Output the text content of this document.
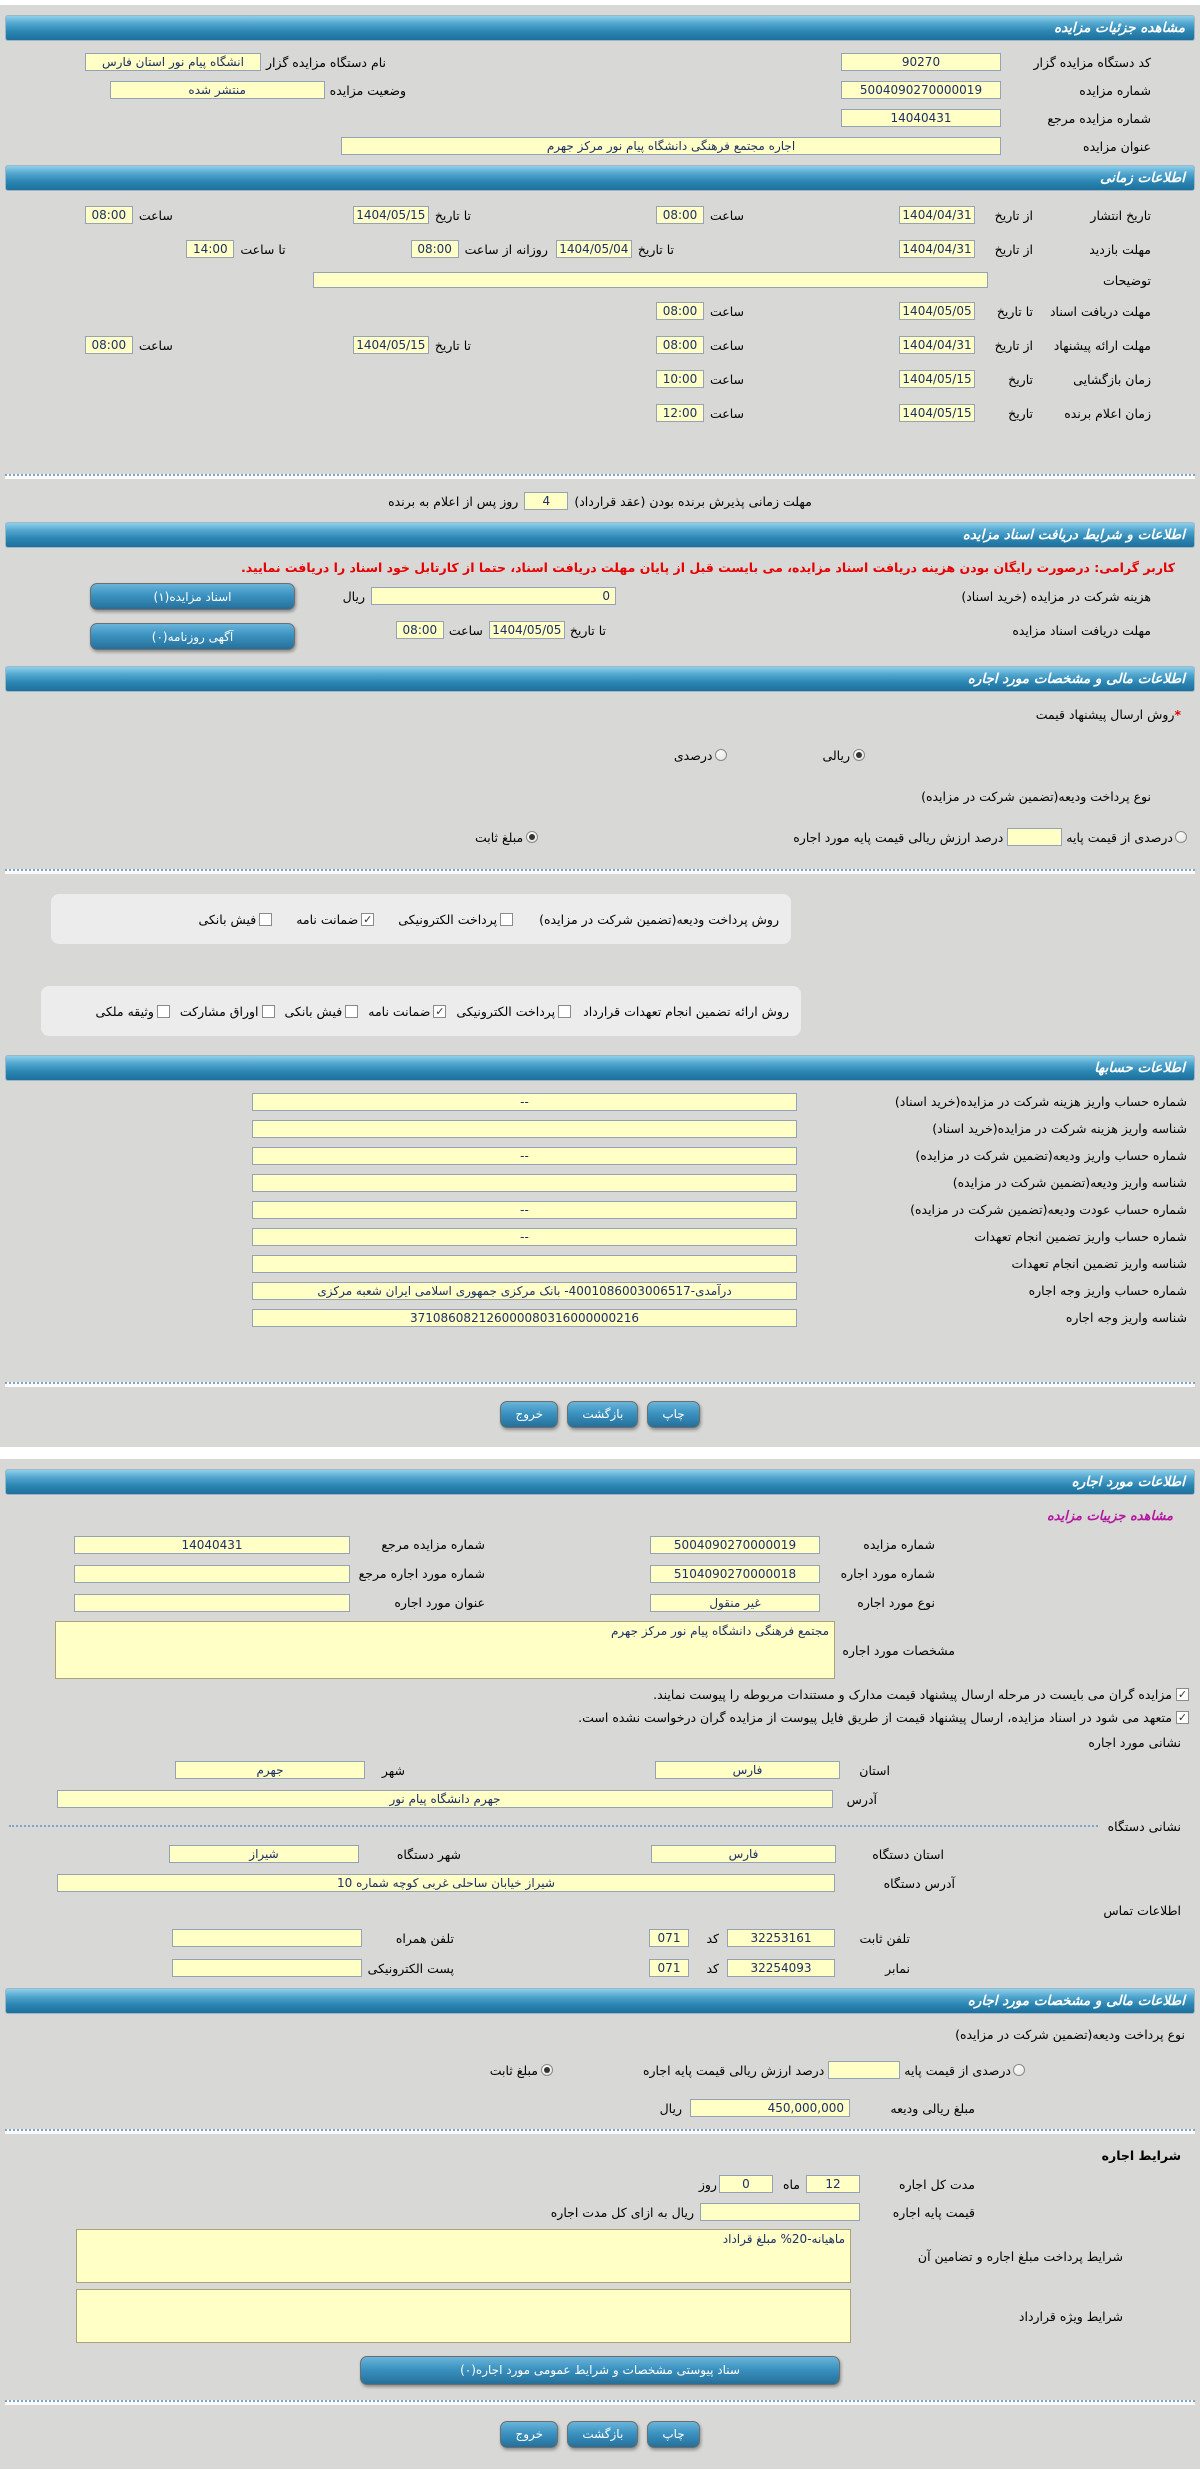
مشاهده جزئیات مزایده
کد دستگاه مزایده گزار
90270
نام دستگاه مزایده گزار
انشگاه پیام نور استان فارس
شماره مزایده
5004090270000019
وضعیت مزایده
منتشر شده
شماره مزایده مرجع
14040431
عنوان مزایده
اجاره مجتمع فرهنگی دانشگاه پیام نور مرکز جهرم
اطلاعات زمانی
تاریخ انتشار
از تاریخ
1404/04/31
ساعت
08:00
تا تاریخ
1404/05/15
ساعت
08:00
مهلت بازدید
از تاریخ
1404/04/31
تا تاریخ
1404/05/04
روزانه از ساعت
08:00
تا ساعت
14:00
توضیحات
مهلت دریافت اسناد
تا تاریخ
1404/05/05
ساعت
08:00
مهلت ارائه پیشنهاد
از تاریخ
1404/04/31
ساعت
08:00
تا تاریخ
1404/05/15
ساعت
08:00
زمان بازگشایی
تاریخ
1404/05/15
ساعت
10:00
زمان اعلام برنده
تاریخ
1404/05/15
ساعت
12:00
مهلت زمانی پذیرش برنده بودن (عقد قرارداد)
4
روز پس از اعلام به برنده
اطلاعات و شرایط دریافت اسناد مزایده
کاربر گرامی: درصورت رایگان بودن هزینه دریافت اسناد مزایده، می بایست قبل از پایان مهلت دریافت اسناد، حتما از کارتابل خود اسناد را دریافت نمایید.
هزینه شرکت در مزایده (خرید اسناد)
0
ریال
مهلت دریافت اسناد مزایده
تا تاریخ
1404/05/05
ساعت
08:00
اسناد مزایده(۱)
آگهی روزنامه(۰)
اطلاعات مالی و مشخصات مورد اجاره
*
روش ارسال پیشنهاد قیمت
ریالی
درصدی
نوع پرداخت ودیعه(تضمین شرکت در مزایده)
درصدی از قیمت پایه
درصد ارزش ریالی قیمت پایه مورد اجاره
مبلغ ثابت
روش پرداخت ودیعه(تضمین شرکت در مزایده)
پرداخت الکترونیکی
✓
ضمانت نامه
فیش بانکی
روش ارائه تضمین انجام تعهدات قرارداد
پرداخت الکترونیکی
✓
ضمانت نامه
فیش بانکی
اوراق مشارکت
وثیقه ملکی
اطلاعات حسابها
شماره حساب واریز هزینه شرکت در مزایده(خرید اسناد)
--
شناسه واریز هزینه شرکت در مزایده(خرید اسناد)
شماره حساب واریز ودیعه(تضمین شرکت در مزایده)
--
شناسه واریز ودیعه(تضمین شرکت در مزایده)
شماره حساب عودت ودیعه(تضمین شرکت در مزایده)
--
شماره حساب واریز تضمین انجام تعهدات
--
شناسه واریز تضمین انجام تعهدات
شماره حساب واریز وجه اجاره
درآمدی-4001086003006517- بانک مرکزی جمهوری اسلامی ایران شعبه مرکزی
شناسه واریز وجه اجاره
371086082126000080316000000216
چاپ
بازگشت
خروج
اطلاعات مورد اجاره
مشاهده جزییات مزایده
شماره مزایده
5004090270000019
شماره مزایده مرجع
14040431
شماره مورد اجاره
5104090270000018
شماره مورد اجاره مرجع
نوع مورد اجاره
غیر منقول
عنوان مورد اجاره
مشخصات مورد اجاره
مجتمع فرهنگی دانشگاه پیام نور مرکز جهرم
✓
مزایده گران می بایست در مرحله ارسال پیشنهاد قیمت مدارک و مستندات مربوطه را پیوست نمایند.
✓
متعهد می شود در اسناد مزایده، ارسال پیشنهاد قیمت از طریق فایل پیوست از مزایده گران درخواست نشده است.
نشانی مورد اجاره
استان
فارس
شهر
جهرم
آدرس
جهرم دانشگاه پیام نور
نشانی دستگاه
استان دستگاه
فارس
شهر دستگاه
شیراز
آدرس دستگاه
شیراز خیابان ساحلی غربی کوچه شماره 10
اطلاعات تماس
تلفن ثابت
32253161
کد
071
تلفن همراه
نمابر
32254093
کد
071
پست الکترونیکی
اطلاعات مالی و مشخصات مورد اجاره
نوع پرداخت ودیعه(تضمین شرکت در مزایده)
درصدی از قیمت پایه
درصد ارزش ریالی قیمت پایه اجاره
مبلغ ثابت
مبلغ ریالی ودیعه
450,000,000
ریال
شرایط اجاره
مدت کل اجاره
12
ماه
0
روز
قیمت پایه اجاره
ریال به ازای کل مدت اجاره
شرایط پرداخت مبلغ اجاره و تضامین آن
ماهیانه-20% مبلغ قراداد
شرایط ویژه قرارداد
سناد پیوستی مشخصات و شرایط عمومی مورد اجاره(۰)
چاپ
بازگشت
خروج
